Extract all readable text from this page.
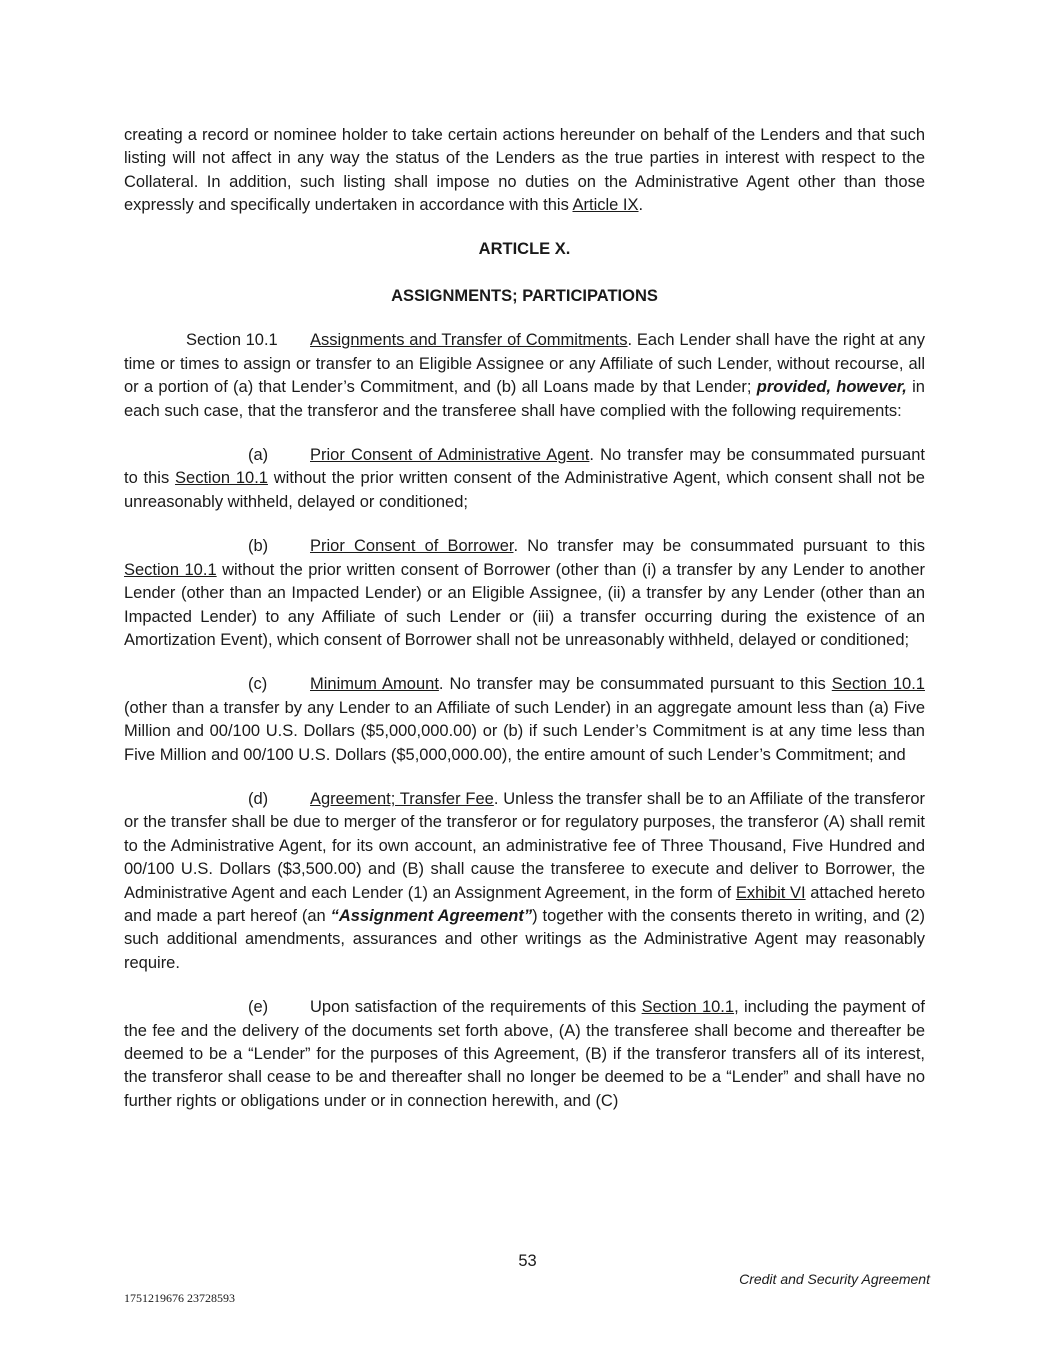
creating a record or nominee holder to take certain actions hereunder on behalf of the Lenders and that such listing will not affect in any way the status of the Lenders as the true parties in interest with respect to the Collateral. In addition, such listing shall impose no duties on the Administrative Agent other than those expressly and specifically undertaken in accordance with this Article IX.

ARTICLE X.

ASSIGNMENTS; PARTICIPATIONS

Section 10.1 Assignments and Transfer of Commitments. Each Lender shall have the right at any time or times to assign or transfer to an Eligible Assignee or any Affiliate of such Lender, without recourse, all or a portion of (a) that Lender’s Commitment, and (b) all Loans made by that Lender; provided, however, in each such case, that the transferor and the transferee shall have complied with the following requirements:

(a)	Prior Consent of Administrative Agent. No transfer may be consummated pursuant to this Section 10.1 without the prior written consent of the Administrative Agent, which consent shall not be unreasonably withheld, delayed or conditioned;

(b)	Prior Consent of Borrower. No transfer may be consummated pursuant to this Section 10.1 without the prior written consent of Borrower (other than (i) a transfer by any Lender to another Lender (other than an Impacted Lender) or an Eligible Assignee, (ii) a transfer by any Lender (other than an Impacted Lender) to any Affiliate of such Lender or (iii) a transfer occurring during the existence of an Amortization Event), which consent of Borrower shall not be unreasonably withheld, delayed or conditioned;

(c)	Minimum Amount. No transfer may be consummated pursuant to this Section 10.1 (other than a transfer by any Lender to an Affiliate of such Lender) in an aggregate amount less than (a) Five Million and 00/100 U.S. Dollars ($5,000,000.00) or (b) if such Lender’s Commitment is at any time less than Five Million and 00/100 U.S. Dollars ($5,000,000.00), the entire amount of such Lender’s Commitment; and

(d)	Agreement; Transfer Fee. Unless the transfer shall be to an Affiliate of the transferor or the transfer shall be due to merger of the transferor or for regulatory purposes, the transferor (A) shall remit to the Administrative Agent, for its own account, an administrative fee of Three Thousand, Five Hundred and 00/100 U.S. Dollars ($3,500.00) and (B) shall cause the transferee to execute and deliver to Borrower, the Administrative Agent and each Lender (1) an Assignment Agreement, in the form of Exhibit VI attached hereto and made a part hereof (an “Assignment Agreement”) together with the consents thereto in writing, and (2) such additional amendments, assurances and other writings as the Administrative Agent may reasonably require.

(e)	Upon satisfaction of the requirements of this Section 10.1, including the payment of the fee and the delivery of the documents set forth above, (A) the transferee shall become and thereafter be deemed to be a “Lender” for the purposes of this Agreement, (B) if the transferor transfers all of its interest, the transferor shall cease to be and thereafter shall no longer be deemed to be a “Lender” and shall have no further rights or obligations under or in connection herewith, and (C)

53
Credit and Security Agreement
1751219676 23728593
